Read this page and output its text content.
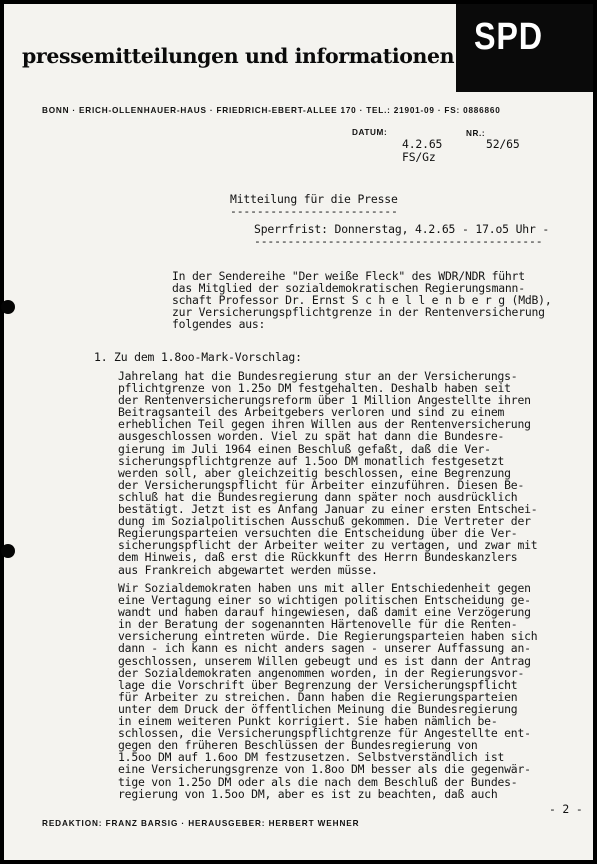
pressemitteilungen und informationen SPD
BONN · ERICH-OLLENHAUER-HAUS · FRIEDRICH-EBERT-ALLEE 170 · TEL.: 21901-09 · FS: 0886860
DATUM:	NR.:
4.2.65	52/65
FS/Gz
Mitteilung für die Presse
-------------------------
Sperrfrist: Donnerstag, 4.2.65 - 17.o5 Uhr -
-------------------------------------------
In der Sendereihe "Der weiße Fleck" des WDR/NDR führt
das Mitglied der sozialdemokratischen Regierungsmann-
schaft Professor Dr. Ernst S c h e l l e n b e r g (MdB),
zur Versicherungspflichtgrenze in der Rentenversicherung
folgendes aus:
1. Zu dem 1.8oo-Mark-Vorschlag:
Jahrelang hat die Bundesregierung stur an der Versicherungs-
pflichtgrenze von 1.25o DM festgehalten. Deshalb haben seit
der Rentenversicherungsreform über 1 Million Angestellte ihren
Beitragsanteil des Arbeitgebers verloren und sind zu einem
erheblichen Teil gegen ihren Willen aus der Rentenversicherung
ausgeschlossen worden. Viel zu spät hat dann die Bundesre-
gierung im Juli 1964 einen Beschluß gefaßt, daß die Ver-
sicherungspflichtgrenze auf 1.5oo DM monatlich festgesetzt
werden soll, aber gleichzeitig beschlossen, eine Begrenzung
der Versicherungspflicht für Arbeiter einzuführen. Diesen Be-
schluß hat die Bundesregierung dann später noch ausdrücklich
bestätigt. Jetzt ist es Anfang Januar zu einer ersten Entschei-
dung im Sozialpolitischen Ausschuß gekommen. Die Vertreter der
Regierungsparteien versuchten die Entscheidung über die Ver-
sicherungspflicht der Arbeiter weiter zu vertagen, und zwar mit
dem Hinweis, daß erst die Rückkunft des Herrn Bundeskanzlers
aus Frankreich abgewartet werden müsse.
Wir Sozialdemokraten haben uns mit aller Entschiedenheit gegen
eine Vertagung einer so wichtigen politischen Entscheidung ge-
wandt und haben darauf hingewiesen, daß damit eine Verzögerung
in der Beratung der sogenannten Härtenovelle für die Renten-
versicherung eintreten würde. Die Regierungsparteien haben sich
dann - ich kann es nicht anders sagen - unserer Auffassung an-
geschlossen, unserem Willen gebeugt und es ist dann der Antrag
der Sozialdemokraten angenommen worden, in der Regierungsvor-
lage die Vorschrift über Begrenzung der Versicherungspflicht
für Arbeiter zu streichen. Dann haben die Regierungsparteien
unter dem Druck der öffentlichen Meinung die Bundesregierung
in einem weiteren Punkt korrigiert. Sie haben nämlich be-
schlossen, die Versicherungspflichtgrenze für Angestellte ent-
gegen den früheren Beschlüssen der Bundesregierung von
1.5oo DM auf 1.6oo DM festzusetzen. Selbstverständlich ist
eine Versicherungsgrenze von 1.8oo DM besser als die gegenwär-
tige von 1.25o DM oder als die nach dem Beschluß der Bundes-
regierung von 1.5oo DM, aber es ist zu beachten, daß auch
- 2 -
REDAKTION: FRANZ BARSIG · HERAUSGEBER: HERBERT WEHNER
